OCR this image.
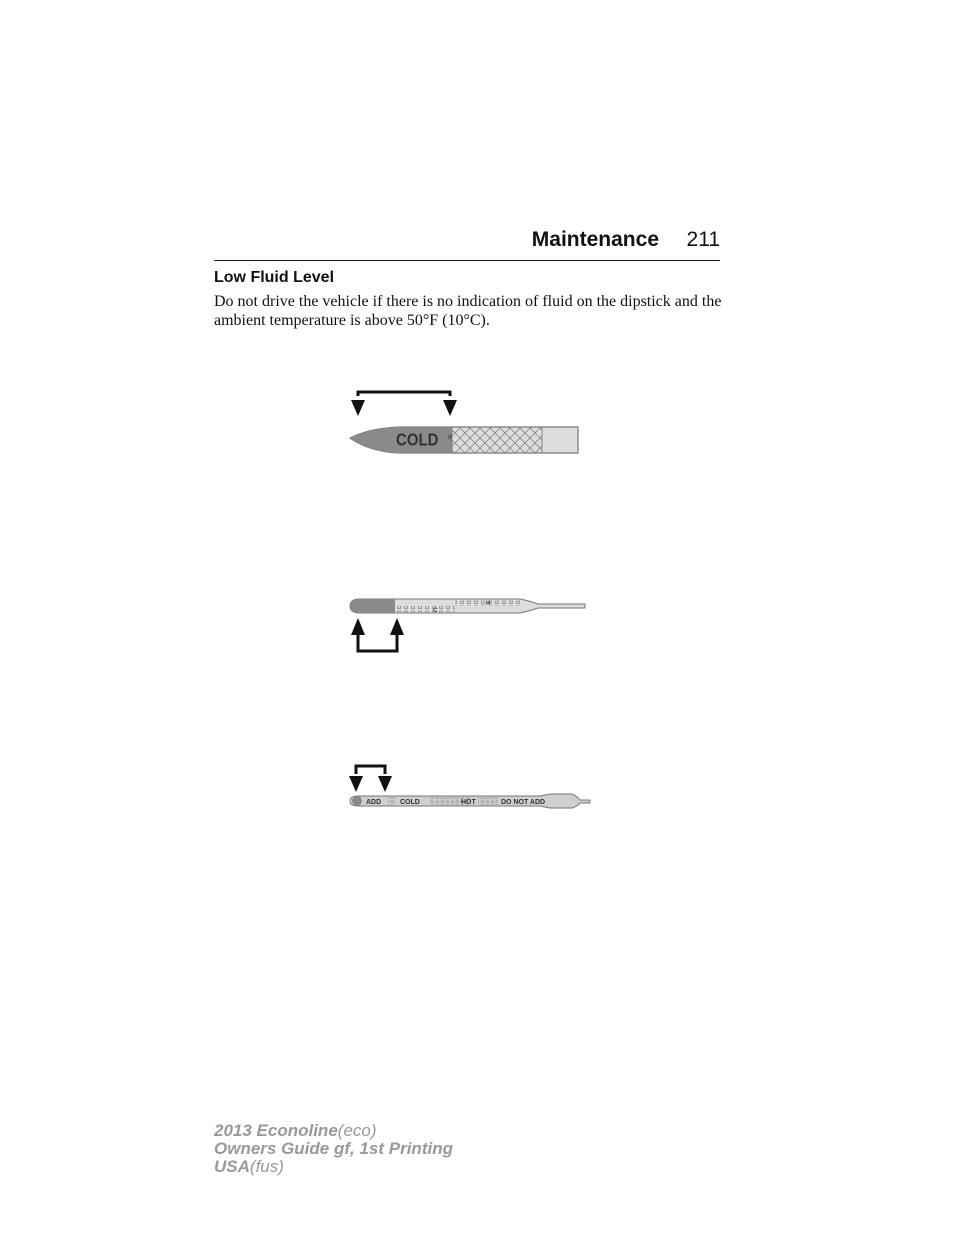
Maintenance 211
Low Fluid Level
Do not drive the vehicle if there is no indication of fluid on the dipstick and the ambient temperature is above 50°F (10°C).
COLD
C
H
ADD	COLD	HOT	DO NOT ADD
2013 Econoline(eco)
Owners Guide gf, 1st Printing
USA(fus)
